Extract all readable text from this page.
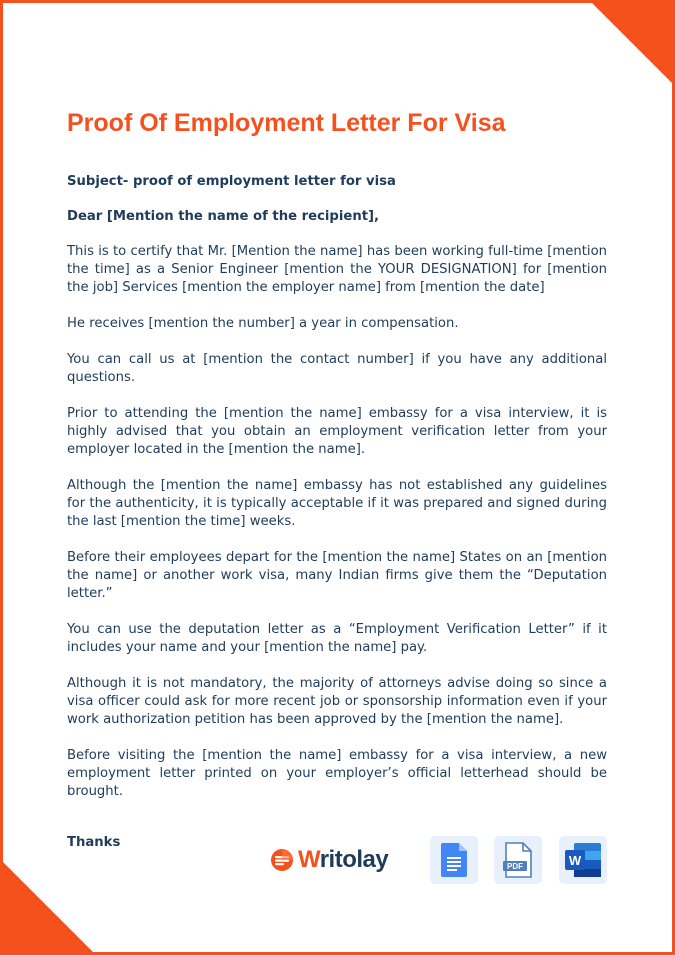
Proof Of Employment Letter For Visa

Subject- proof of employment letter for visa

Dear [Mention the name of the recipient],

This is to certify that Mr. [Mention the name] has been working full-time [mention the time] as a Senior Engineer [mention the YOUR DESIGNATION] for [mention the job] Services [mention the employer name] from [mention the date]

He receives [mention the number] a year in compensation.

You can call us at [mention the contact number] if you have any additional questions.

Prior to attending the [mention the name] embassy for a visa interview, it is highly advised that you obtain an employment verification letter from your employer located in the [mention the name].

Although the [mention the name] embassy has not established any guidelines for the authenticity, it is typically acceptable if it was prepared and signed during the last [mention the time] weeks.

Before their employees depart for the [mention the name] States on an [mention the name] or another work visa, many Indian firms give them the “Deputation letter.”

You can use the deputation letter as a “Employment Verification Letter” if it includes your name and your [mention the name] pay.

Although it is not mandatory, the majority of attorneys advise doing so since a visa officer could ask for more recent job or sponsorship information even if your work authorization petition has been approved by the [mention the name].

Before visiting the [mention the name] embassy for a visa interview, a new employment letter printed on your employer’s official letterhead should be brought.

Thanks

Writolay	PDF	W
